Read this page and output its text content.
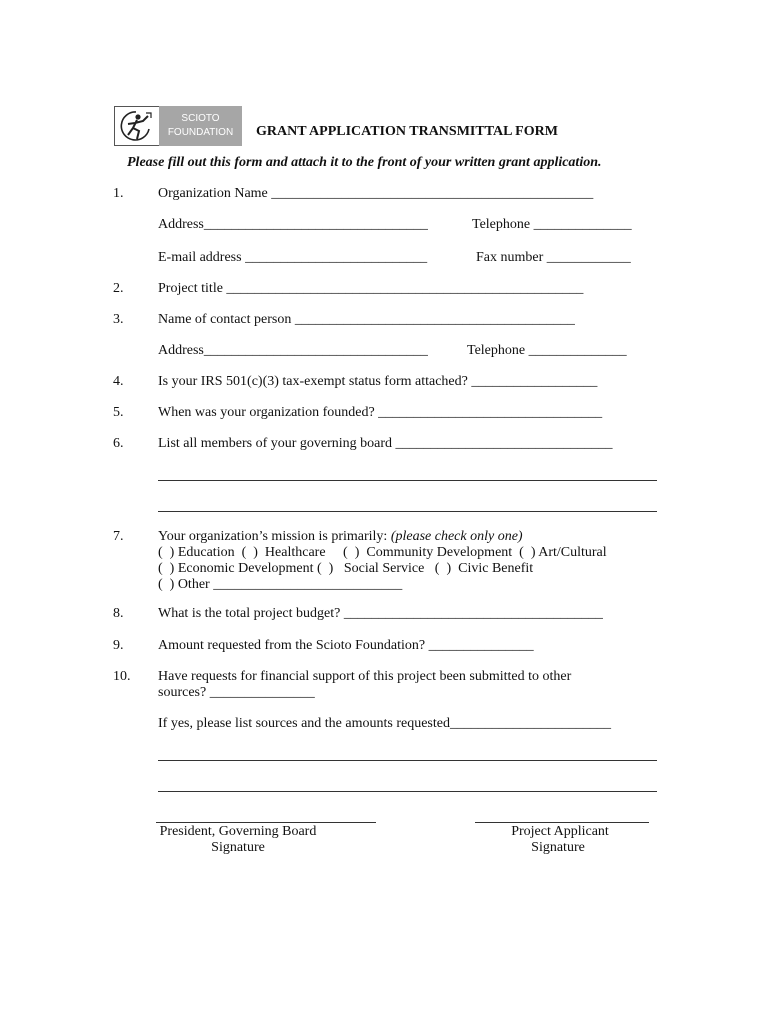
SCIOTO
FOUNDATION	GRANT APPLICATION TRANSMITTAL FORM
Please fill out this form and attach it to the front of your written grant application.
1. Organization Name ______________________________________________
Address________________________________	Telephone ______________
E-mail address __________________________	Fax number ____________
2. Project title ___________________________________________________
3. Name of contact person ________________________________________
Address________________________________	Telephone ______________
4. Is your IRS 501(c)(3) tax-exempt status form attached? __________________
5. When was your organization founded? ________________________________
6. List all members of your governing board _______________________________
7. Your organization’s mission is primarily: (please check only one)
(  ) Education  (  )  Healthcare     (  )  Community Development  (  ) Art/Cultural
(  ) Economic Development (  )   Social Service   (  )  Civic Benefit
(  ) Other ___________________________
8. What is the total project budget? _____________________________________
9. Amount requested from the Scioto Foundation? _______________
10. Have requests for financial support of this project been submitted to other
sources? _______________
If yes, please list sources and the amounts requested_______________________
President, Governing Board
Signature
Project Applicant
Signature
